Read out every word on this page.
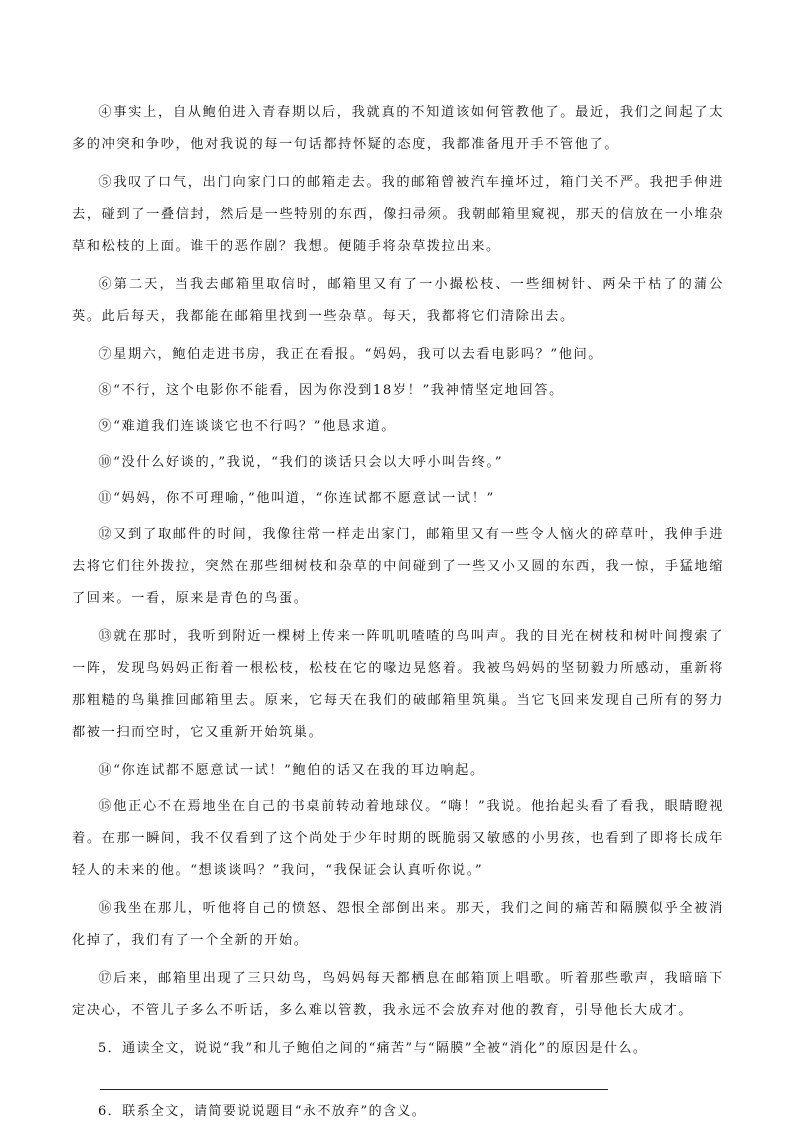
④事实上，自从鲍伯进入青春期以后，我就真的不知道该如何管教他了。最近，我们之间起了太多的冲突和争吵，他对我说的每一句话都持怀疑的态度，我都准备甩开手不管他了。

⑤我叹了口气，出门向家门口的邮箱走去。我的邮箱曾被汽车撞坏过，箱门关不严。我把手伸进去，碰到了一叠信封，然后是一些特别的东西，像扫帚须。我朝邮箱里窥视，那天的信放在一小堆杂草和松枝的上面。谁干的恶作剧？我想。便随手将杂草拨拉出来。

⑥第二天，当我去邮箱里取信时，邮箱里又有了一小撮松枝、一些细树针、两朵干枯了的蒲公英。此后每天，我都能在邮箱里找到一些杂草。每天，我都将它们清除出去。

⑦星期六，鲍伯走进书房，我正在看报。“妈妈，我可以去看电影吗？”他问。

⑧“不行，这个电影你不能看，因为你没到18岁！”我神情坚定地回答。

⑨“难道我们连谈谈它也不行吗？”他恳求道。

⑩“没什么好谈的，”我说，“我们的谈话只会以大呼小叫告终。”

⑪“妈妈，你不可理喻，”他叫道，“你连试都不愿意试一试！”

⑫又到了取邮件的时间，我像往常一样走出家门，邮箱里又有一些令人恼火的碎草叶，我伸手进去将它们往外拨拉，突然在那些细树枝和杂草的中间碰到了一些又小又圆的东西，我一惊，手猛地缩了回来。一看，原来是青色的鸟蛋。

⑬就在那时，我听到附近一棵树上传来一阵叽叽喳喳的鸟叫声。我的目光在树枝和树叶间搜索了一阵，发现鸟妈妈正衔着一根松枝，松枝在它的喙边晃悠着。我被鸟妈妈的坚韧毅力所感动，重新将那粗糙的鸟巢推回邮箱里去。原来，它每天在我们的破邮箱里筑巢。当它飞回来发现自己所有的努力都被一扫而空时，它又重新开始筑巢。

⑭“你连试都不愿意试一试！”鲍伯的话又在我的耳边响起。

⑮他正心不在焉地坐在自己的书桌前转动着地球仪。“嗨！”我说。他抬起头看了看我，眼睛瞪视着。在那一瞬间，我不仅看到了这个尚处于少年时期的既脆弱又敏感的小男孩，也看到了即将长成年轻人的未来的他。“想谈谈吗？”我问，“我保证会认真听你说。”

⑯我坐在那儿，听他将自己的愤怒、怨恨全部倒出来。那天，我们之间的痛苦和隔膜似乎全被消化掉了，我们有了一个全新的开始。

⑰后来，邮箱里出现了三只幼鸟，鸟妈妈每天都栖息在邮箱顶上唱歌。听着那些歌声，我暗暗下定决心，不管儿子多么不听话，多么难以管教，我永远不会放弃对他的教育，引导他长大成才。

5．通读全文，说说“我”和儿子鲍伯之间的“痛苦”与“隔膜”全被“消化”的原因是什么。

6．联系全文，请简要说说题目“永不放弃”的含义。
